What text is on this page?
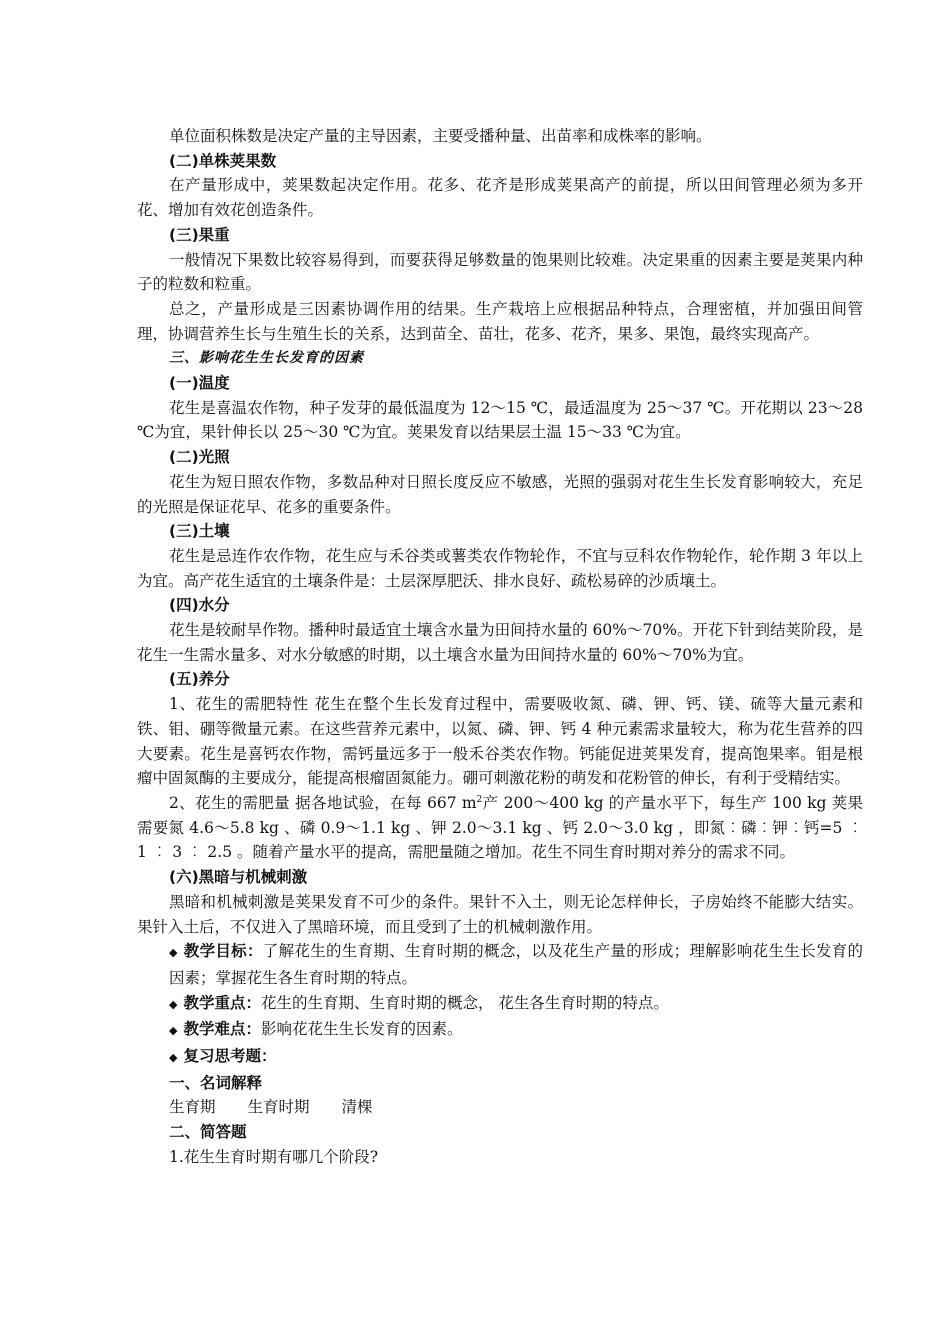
单位面积株数是决定产量的主导因素，主要受播种量、出苗率和成株率的影响。

(二)单株荚果数

在产量形成中，荚果数起决定作用。花多、花齐是形成荚果高产的前提，所以田间管理必须为多开花、增加有效花创造条件。

(三)果重

一般情况下果数比较容易得到，而要获得足够数量的饱果则比较难。决定果重的因素主要是荚果内种子的粒数和粒重。

总之，产量形成是三因素协调作用的结果。生产栽培上应根据品种特点，合理密植，并加强田间管理，协调营养生长与生殖生长的关系，达到苗全、苗壮，花多、花齐，果多、果饱，最终实现高产。

三、影响花生生长发育的因素

(一)温度

花生是喜温农作物，种子发芽的最低温度为 12～15 ℃，最适温度为 25～37 ℃。开花期以 23～28 ℃为宜，果针伸长以 25～30 ℃为宜。荚果发育以结果层土温 15～33 ℃为宜。

(二)光照

花生为短日照农作物，多数品种对日照长度反应不敏感，光照的强弱对花生生长发育影响较大，充足的光照是保证花早、花多的重要条件。

(三)土壤

花生是忌连作农作物，花生应与禾谷类或薯类农作物轮作，不宜与豆科农作物轮作，轮作期 3 年以上为宜。高产花生适宜的土壤条件是：土层深厚肥沃、排水良好、疏松易碎的沙质壤土。

(四)水分

花生是较耐旱作物。播种时最适宜土壤含水量为田间持水量的 60%～70%。开花下针到结荚阶段，是花生一生需水量多、对水分敏感的时期，以土壤含水量为田间持水量的 60%～70%为宜。

(五)养分

1、花生的需肥特性 花生在整个生长发育过程中，需要吸收氮、磷、钾、钙、镁、硫等大量元素和铁、钼、硼等微量元素。在这些营养元素中，以氮、磷、钾、钙 4 种元素需求量较大，称为花生营养的四大要素。花生是喜钙农作物，需钙量远多于一般禾谷类农作物。钙能促进荚果发育，提高饱果率。钼是根瘤中固氮酶的主要成分，能提高根瘤固氮能力。硼可刺激花粉的萌发和花粉管的伸长，有利于受精结实。

2、花生的需肥量 据各地试验，在每 667 $m^2$产 200～400 kg 的产量水平下，每生产 100 kg 荚果需要氮 4.6～5.8 kg 、磷 0.9～1.1 kg 、钾 2.0～3.1 kg 、钙 2.0～3.0 kg ，即氮︰磷︰钾︰钙=5 ︰ 1 ︰ 3 ︰ 2.5 。随着产量水平的提高，需肥量随之增加。花生不同生育时期对养分的需求不同。

(六)黑暗与机械刺激

黑暗和机械刺激是荚果发育不可少的条件。果针不入土，则无论怎样伸长，子房始终不能膨大结实。果针入土后，不仅进入了黑暗环境，而且受到了土的机械刺激作用。

◆ 教学目标：了解花生的生育期、生育时期的概念，以及花生产量的形成；理解影响花生生长发育的因素；掌握花生各生育时期的特点。

◆ 教学重点：花生的生育期、生育时期的概念， 花生各生育时期的特点。

◆ 教学难点：影响花花生生长发育的因素。

◆ 复习思考题：

一、名词解释

生育期 生育时期 清棵

二、简答题

1.花生生育时期有哪几个阶段?
